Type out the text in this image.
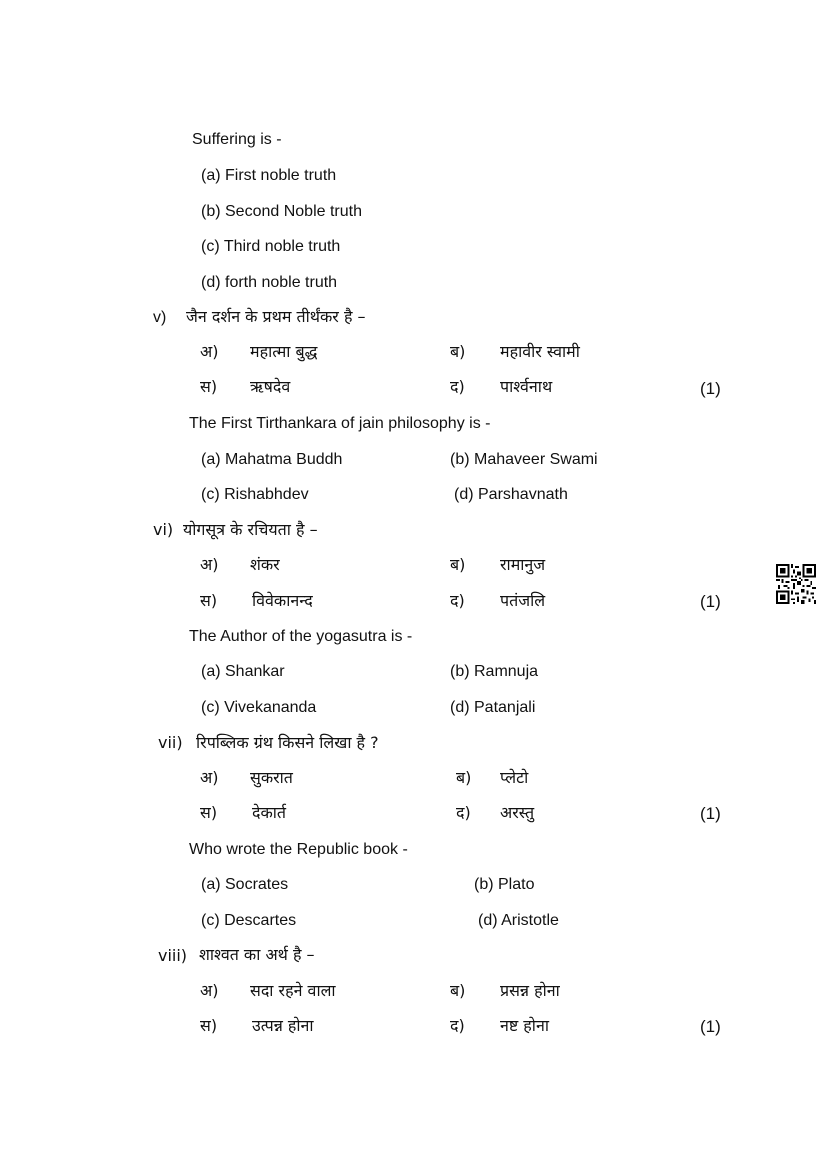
Suffering is -
(a) First noble truth
(b) Second Noble truth
(c) Third noble truth
(d) forth noble truth
v) जैन दर्शन के प्रथम तीर्थंकर है –
अ) महात्मा बुद्ध	ब) महावीर स्वामी
स) ऋषदेव	द) पार्श्वनाथ	(1)
The First Tirthankara of jain philosophy is -
(a) Mahatma Buddh	(b) Mahaveer Swami
(c) Rishabhdev	(d) Parshavnath
vi) योगसूत्र के रचियता है –
अ) शंकर	ब) रामानुज
स) विवेकानन्द	द) पतंजलि	(1)
The Author of the yogasutra is -
(a) Shankar	(b) Ramnuja
(c) Vivekananda	(d) Patanjali
vii) रिपब्लिक ग्रंथ किसने लिखा है ?
अ) सुकरात	ब) प्लेटो
स) देकार्त	द) अरस्तु	(1)
Who wrote the Republic book -
(a) Socrates	(b) Plato
(c) Descartes	(d) Aristotle
viii) शाश्वत का अर्थ है –
अ) सदा रहने वाला	ब) प्रसन्न होना
स) उत्पन्न होना	द) नष्ट होना	(1)
